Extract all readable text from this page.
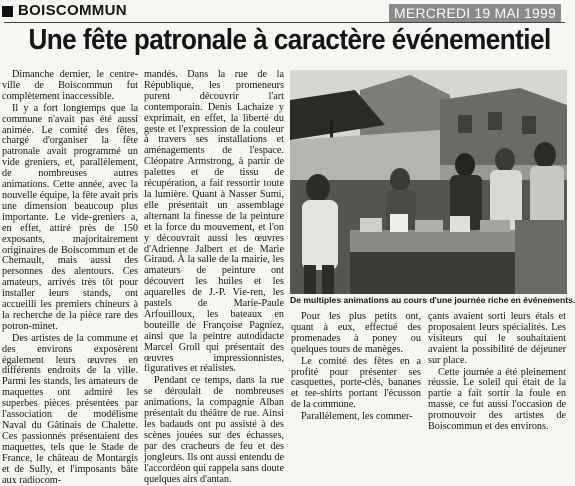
BOISCOMMUN	MERCREDI 19 MAI 1999
Une fête patronale à caractère événementiel

Dimanche dernier, le centre-ville de Boiscommun fut complètement inaccessible.

Il y a fort longtemps que la commune n'avait pas été aussi animée. Le comité des fêtes, chargé d'organiser la fête patronale avait programmé un vide greniers, et, parallèlement, de nombreuses autres animations. Cette année, avec la nouvelle équipe, la fête avait pris une dimension beaucoup plus importante. Le vide-greniers a, en effet, attiré près de 150 exposants, majoritairement originaires de Boiscommun et de Chemault, mais aussi des personnes des alentours. Ces amateurs, arrivés très tôt pour installer leurs stands, ont accueilli les premiers chineurs à la recherche de la pièce rare des potron-minet.

Des artistes de la commune et des environs exposèrent également leurs œuvres en différents endroits de la ville. Parmi les stands, les amateurs de maquettes ont admiré les superbes pièces présentées par l'association de modélisme Naval du Gâtinais de Chalette. Ces passionnés présentaient des maquettes, tels que le Stade de France, le château de Montargis et de Sully, et l'imposants bâte aux radiocom-

mandés. Dans la rue de la République, les promeneurs purent découvrir l'art contemporain. Denis Lachaize y exprimait, en effet, la liberté du geste et l'expression de la couleur à travers ses installations et aménagements de l'espace. Cléopatre Armstrong, à partir de palettes et de tissu de récupération, a fait ressortir toute la lumière. Quant à Nasser Sumi, elle présentait un assemblage alternant la finesse de la peinture et la force du mouvement, et l'on y découvrait aussi les œuvres d'Adrienne Jalbert et de Marie Giraud. À la salle de la mairie, les amateurs de peinture ont découvert les huiles et les aquarelles de J.-P. Vie-ren, les pastels de Marie-Paule Arfouilloux, les bateaux en bouteille de Françoise Pagniez, ainsi que la peintre autodidacte Marcel Groll qui présentait des œuvres impressionnistes, figuratives et réalistes.

Pendant ce temps, dans la rue se déroulait de nombreuses animations, la compagnie Alban présentait du théâtre de rue. Ainsi les badauds ont pu assisté à des scènes jouées sur des échasses, par des cracheurs de feu et des jongleurs. Ils ont aussi entendu de l'accordéon qui rappela sans doute quelques airs d'antan.

De multiples animations au cours d'une journée riche en événements.

Pour les plus petits ont, quant à eux, effectué des promenades à poney ou quelques tours de manèges.

Le comité des fêtes en a profité pour présenter ses casquettes, porte-clés, bananes et tee-shirts portant l'écusson de la commune.

Parallèlement, les commer-

çants avaient sorti leurs étals et proposaient leurs spécialités. Les visiteurs qui le souhaitaient avaient la possibilité de déjeuner sur place.

Cette journée a été pleinement réussie. Le soleil qui était de la partie a fait sortir la foule en masse, ce fut aussi l'occasion de promouvoir des artistes de Boiscommun et des environs.
